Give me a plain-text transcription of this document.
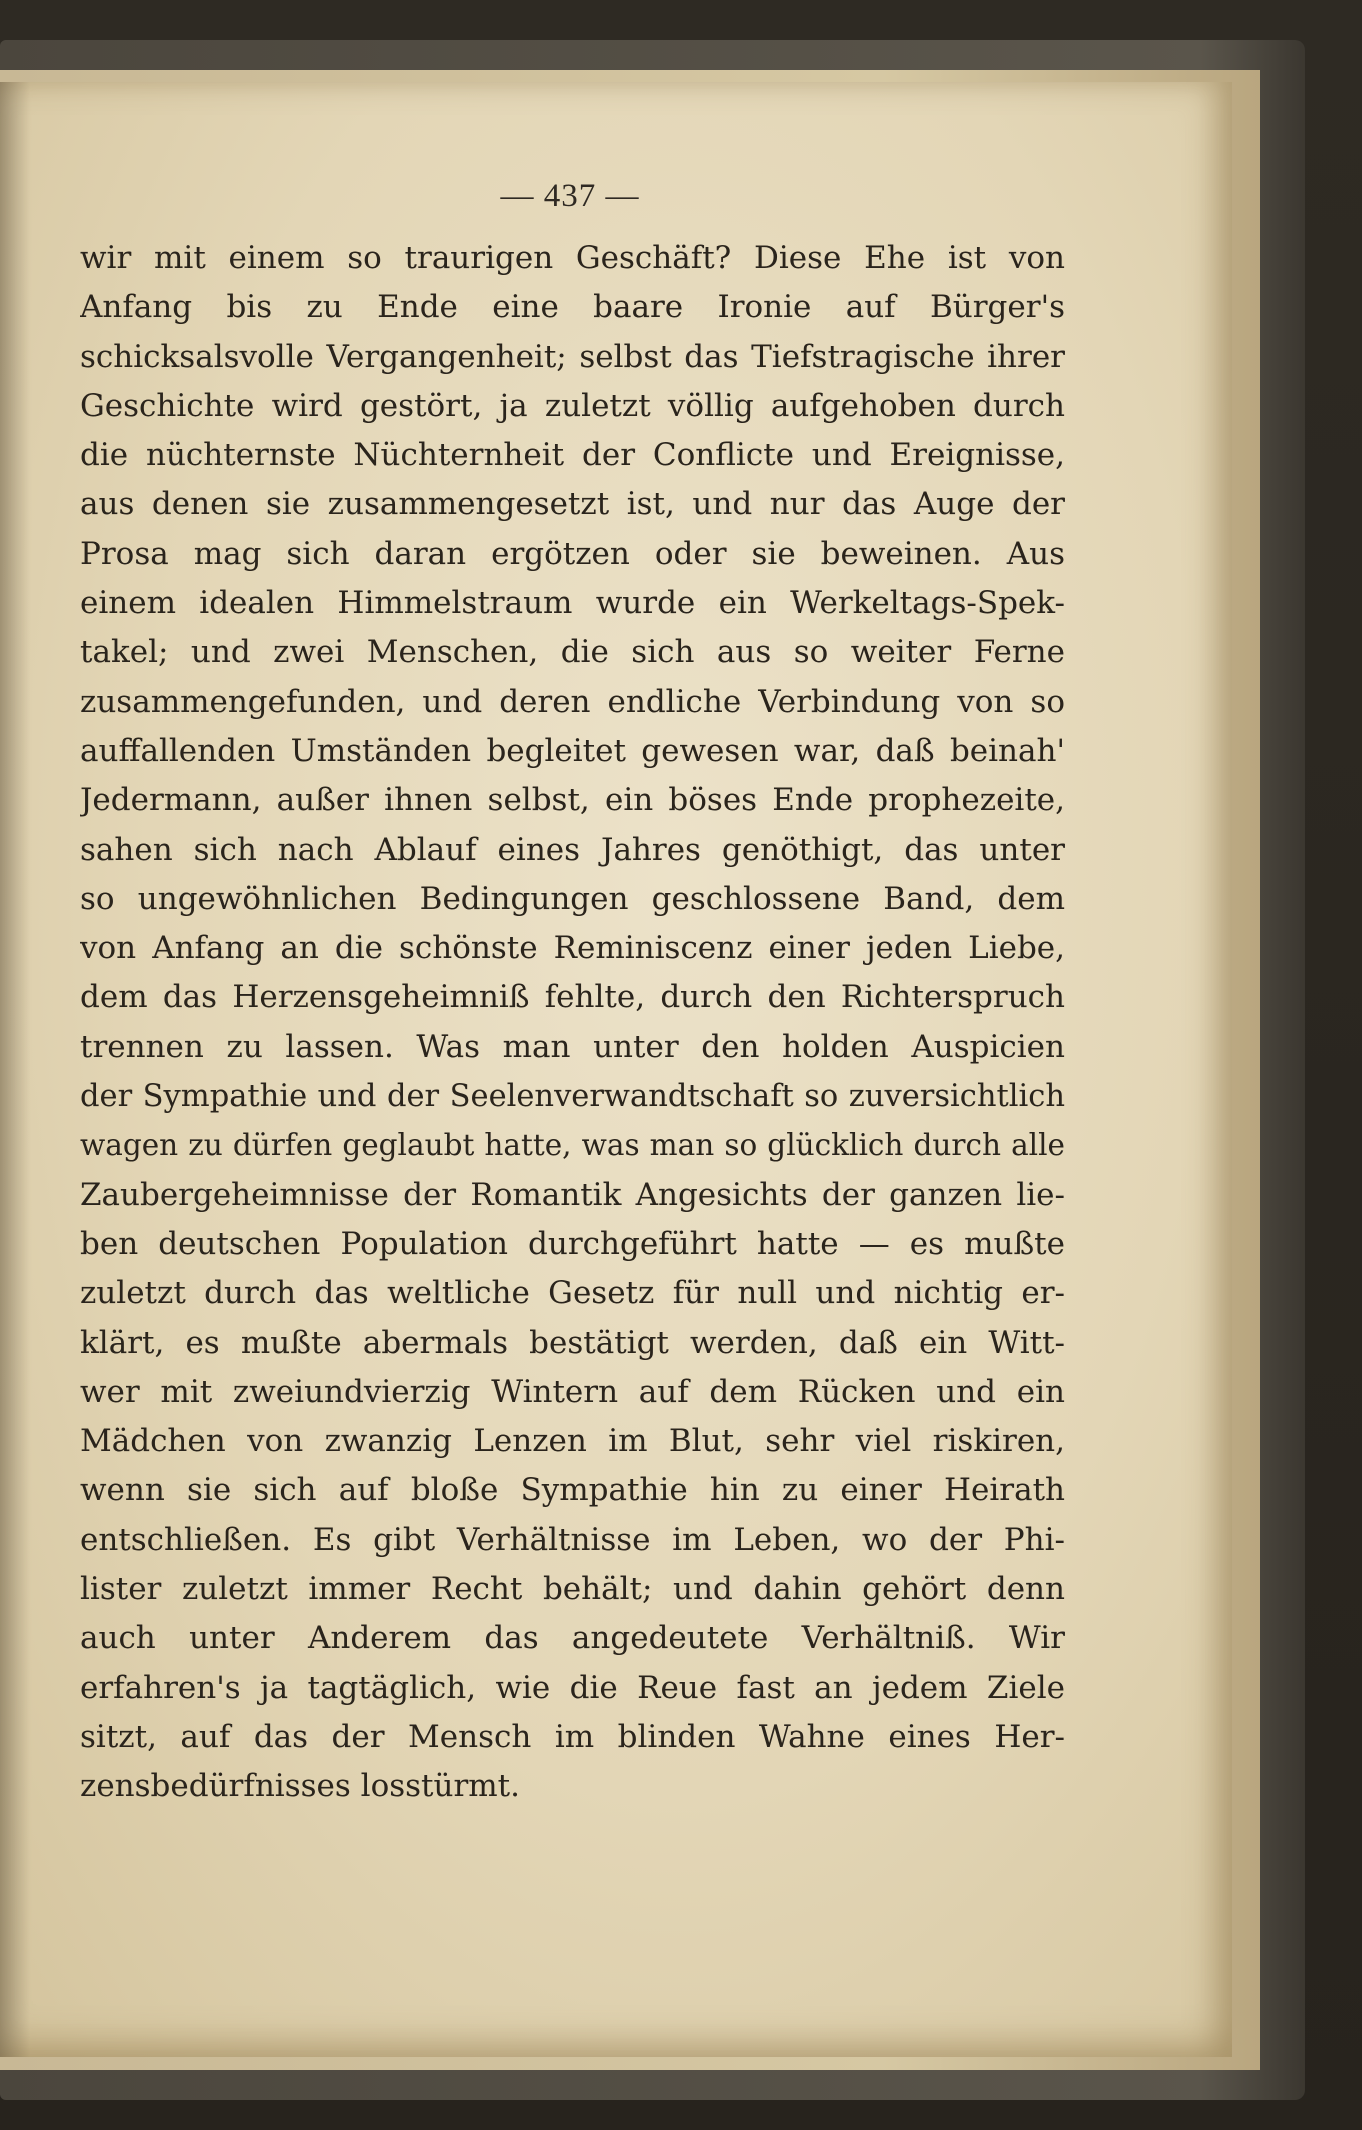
— 437 —
wir mit einem so traurigen Geschäft? Diese Ehe ist von
Anfang bis zu Ende eine baare Ironie auf Bürger's
schicksalsvolle Vergangenheit; selbst das Tiefstragische ihrer
Geschichte wird gestört, ja zuletzt völlig aufgehoben durch
die nüchternste Nüchternheit der Conflicte und Ereignisse,
aus denen sie zusammengesetzt ist, und nur das Auge der
Prosa mag sich daran ergötzen oder sie beweinen. Aus
einem idealen Himmelstraum wurde ein Werkeltags-Spek-
takel; und zwei Menschen, die sich aus so weiter Ferne
zusammengefunden, und deren endliche Verbindung von so
auffallenden Umständen begleitet gewesen war, daß beinah'
Jedermann, außer ihnen selbst, ein böses Ende prophezeite,
sahen sich nach Ablauf eines Jahres genöthigt, das unter
so ungewöhnlichen Bedingungen geschlossene Band, dem
von Anfang an die schönste Reminiscenz einer jeden Liebe,
dem das Herzensgeheimniß fehlte, durch den Richterspruch
trennen zu lassen. Was man unter den holden Auspicien
der Sympathie und der Seelenverwandtschaft so zuversichtlich
wagen zu dürfen geglaubt hatte, was man so glücklich durch alle
Zaubergeheimnisse der Romantik Angesichts der ganzen lie-
ben deutschen Population durchgeführt hatte — es mußte
zuletzt durch das weltliche Gesetz für null und nichtig er-
klärt, es mußte abermals bestätigt werden, daß ein Witt-
wer mit zweiundvierzig Wintern auf dem Rücken und ein
Mädchen von zwanzig Lenzen im Blut, sehr viel riskiren,
wenn sie sich auf bloße Sympathie hin zu einer Heirath
entschließen. Es gibt Verhältnisse im Leben, wo der Phi-
lister zuletzt immer Recht behält; und dahin gehört denn
auch unter Anderem das angedeutete Verhältniß. Wir
erfahren's ja tagtäglich, wie die Reue fast an jedem Ziele
sitzt, auf das der Mensch im blinden Wahne eines Her-
zensbedürfnisses losstürmt.
